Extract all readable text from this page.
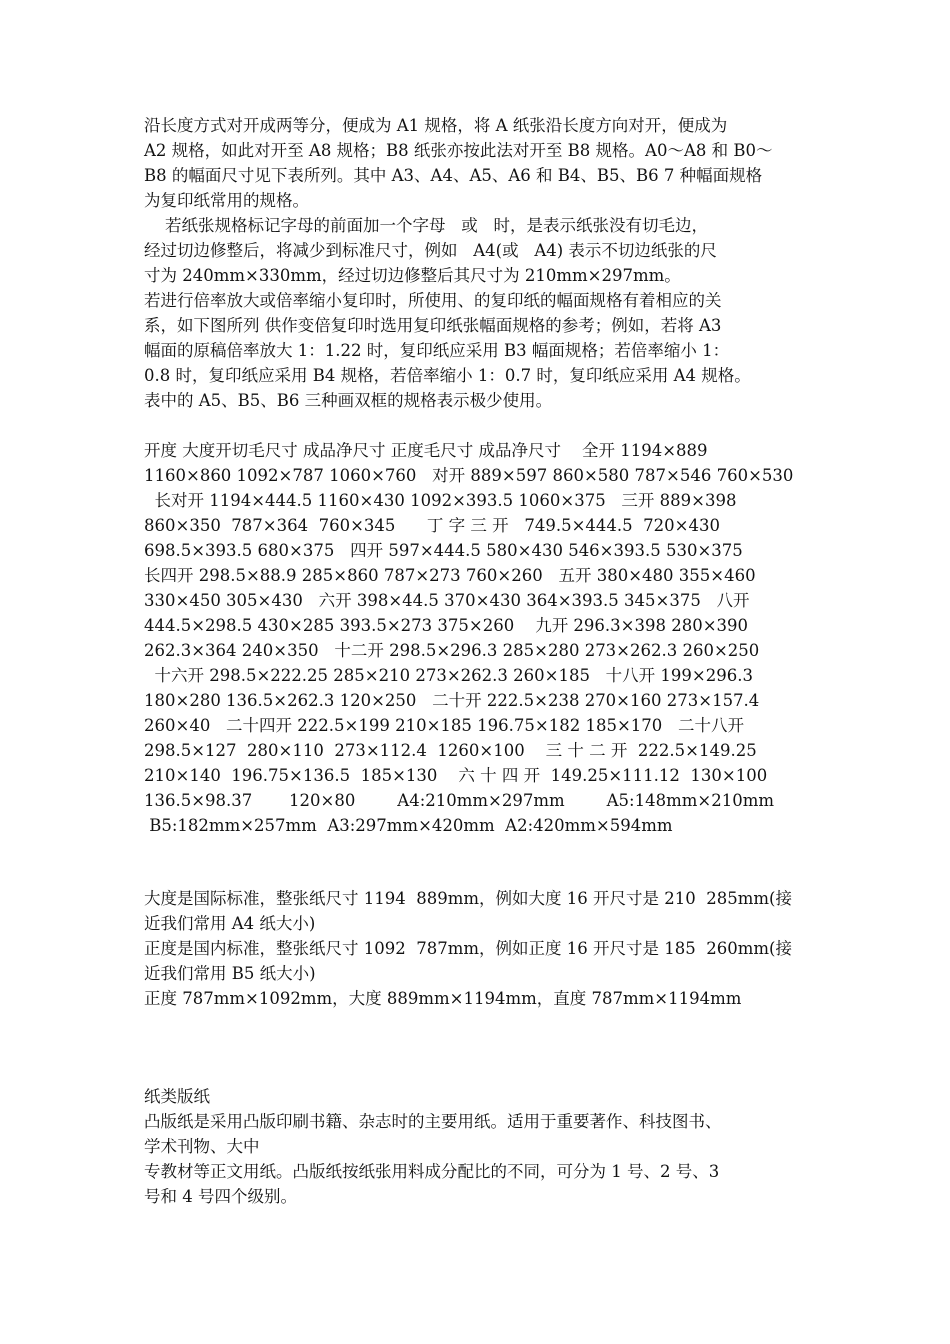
沿长度方式对开成两等分，便成为 A1 规格，将 A 纸张沿长度方向对开，便成为
A2 规格，如此对开至 A8 规格；B8 纸张亦按此法对开至 B8 规格。A0～A8 和 B0～
B8 的幅面尺寸见下表所列。其中 A3、A4、A5、A6 和 B4、B5、B6 7 种幅面规格
为复印纸常用的规格。
若纸张规格标记字母的前面加一个字母   或   时，是表示纸张没有切毛边，
经过切边修整后，将减少到标准尺寸，例如   A4(或   A4) 表示不切边纸张的尺
寸为 240mm×330mm，经过切边修整后其尺寸为 210mm×297mm。
若进行倍率放大或倍率缩小复印时，所使用、的复印纸的幅面规格有着相应的关
系，如下图所列 供作变倍复印时选用复印纸张幅面规格的参考；例如，若将 A3
幅面的原稿倍率放大 1：1.22 时，复印纸应采用 B3 幅面规格；若倍率缩小 1：
0.8 时，复印纸应采用 B4 规格，若倍率缩小 1：0.7 时，复印纸应采用 A4 规格。
表中的 A5、B5、B6 三种画双框的规格表示极少使用。
开度 大度开切毛尺寸 成品净尺寸 正度毛尺寸 成品净尺寸    全开 1194×889
1160×860 1092×787 1060×760   对开 889×597 860×580 787×546 760×530
长对开 1194×444.5 1160×430 1092×393.5 1060×375   三开 889×398
860×350  787×364  760×345      丁 字 三 开   749.5×444.5  720×430
698.5×393.5 680×375   四开 597×444.5 580×430 546×393.5 530×375
长四开 298.5×88.9 285×860 787×273 760×260   五开 380×480 355×460
330×450 305×430   六开 398×44.5 370×430 364×393.5 345×375   八开
444.5×298.5 430×285 393.5×273 375×260    九开 296.3×398 280×390
262.3×364 240×350   十二开 298.5×296.3 285×280 273×262.3 260×250
十六开 298.5×222.25 285×210 273×262.3 260×185   十八开 199×296.3
180×280 136.5×262.3 120×250   二十开 222.5×238 270×160 273×157.4
260×40   二十四开 222.5×199 210×185 196.75×182 185×170   二十八开
298.5×127  280×110  273×112.4  1260×100    三 十 二 开  222.5×149.25
210×140  196.75×136.5  185×130    六 十 四 开  149.25×111.12  130×100
136.5×98.37       120×80        A4:210mm×297mm        A5:148mm×210mm
B5:182mm×257mm  A3:297mm×420mm  A2:420mm×594mm
大度是国际标准，整张纸尺寸 1194  889mm，例如大度 16 开尺寸是 210  285mm(接
近我们常用 A4 纸大小)
正度是国内标准，整张纸尺寸 1092  787mm，例如正度 16 开尺寸是 185  260mm(接
近我们常用 B5 纸大小)
正度 787mm×1092mm，大度 889mm×1194mm，直度 787mm×1194mm
纸类版纸
凸版纸是采用凸版印刷书籍、杂志时的主要用纸。适用于重要著作、科技图书、
学术刊物、大中
专教材等正文用纸。凸版纸按纸张用料成分配比的不同，可分为 1 号、2 号、3
号和 4 号四个级别。
